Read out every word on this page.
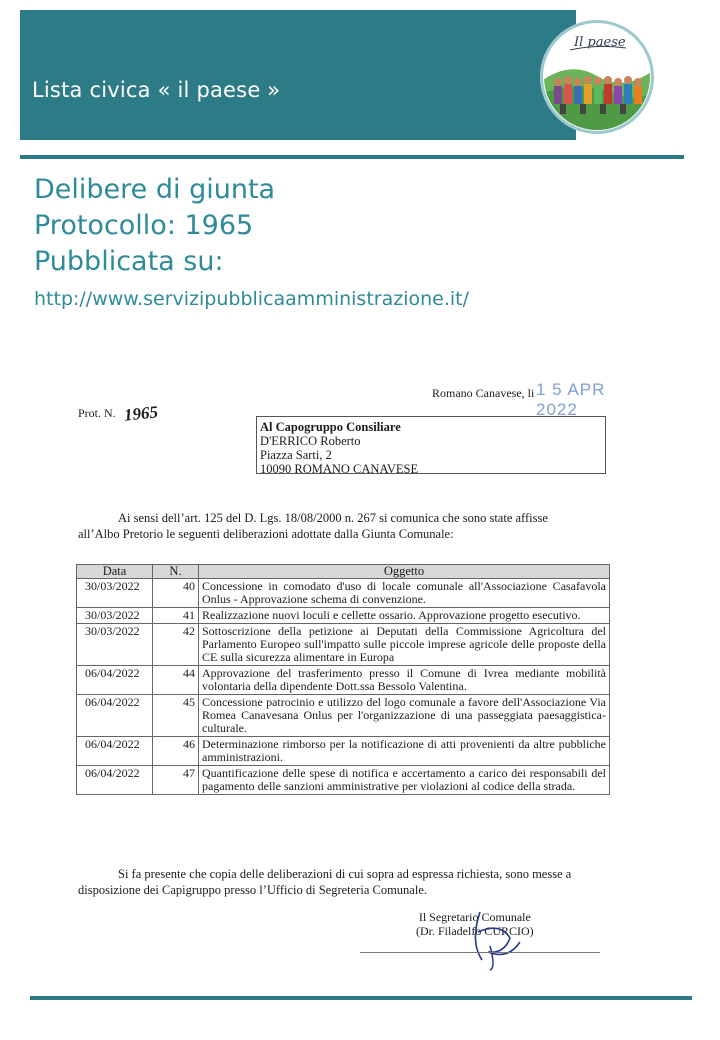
Lista civica « il paese »
Il paese
Delibere di giunta
Protocollo: 1965
Pubblicata su:
http://www.servizipubblicaamministrazione.it/
Romano Canavese, li 1 5 APR 2022
Prot. N. 1965
Al Capogruppo Consiliare
D'ERRICO Roberto
Piazza Sarti, 2
10090 ROMANO CANAVESE
Ai sensi dell’art. 125 del D. Lgs. 18/08/2000 n. 267 si comunica che sono state affisse
all’Albo Pretorio le seguenti deliberazioni adottate dalla Giunta Comunale:
Data	N.	Oggetto
30/03/2022	40	Concessione in comodato d'uso di locale comunale all'Associazione Casafavola Onlus - Approvazione schema di convenzione.
30/03/2022	41	Realizzazione nuovi loculi e cellette ossario. Approvazione progetto esecutivo.
30/03/2022	42	Sottoscrizione della petizione ai Deputati della Commissione Agricoltura del Parlamento Europeo sull'impatto sulle piccole imprese agricole delle proposte della CE sulla sicurezza alimentare in Europa
06/04/2022	44	Approvazione del trasferimento presso il Comune di Ivrea mediante mobilità volontaria della dipendente Dott.ssa Bessolo Valentina.
06/04/2022	45	Concessione patrocinio e utilizzo del logo comunale a favore dell'Associazione Via Romea Canavesana Onlus per l'organizzazione di una passeggiata paesaggistica-culturale.
06/04/2022	46	Determinazione rimborso per la notificazione di atti provenienti da altre pubbliche amministrazioni.
06/04/2022	47	Quantificazione delle spese di notifica e accertamento a carico dei responsabili del pagamento delle sanzioni amministrative per violazioni al codice della strada.
Si fa presente che copia delle deliberazioni di cui sopra ad espressa richiesta, sono messe a
disposizione dei Capigruppo presso l’Ufficio di Segreteria Comunale.
Il Segretario Comunale
(Dr. Filadelfo CURCIO)
